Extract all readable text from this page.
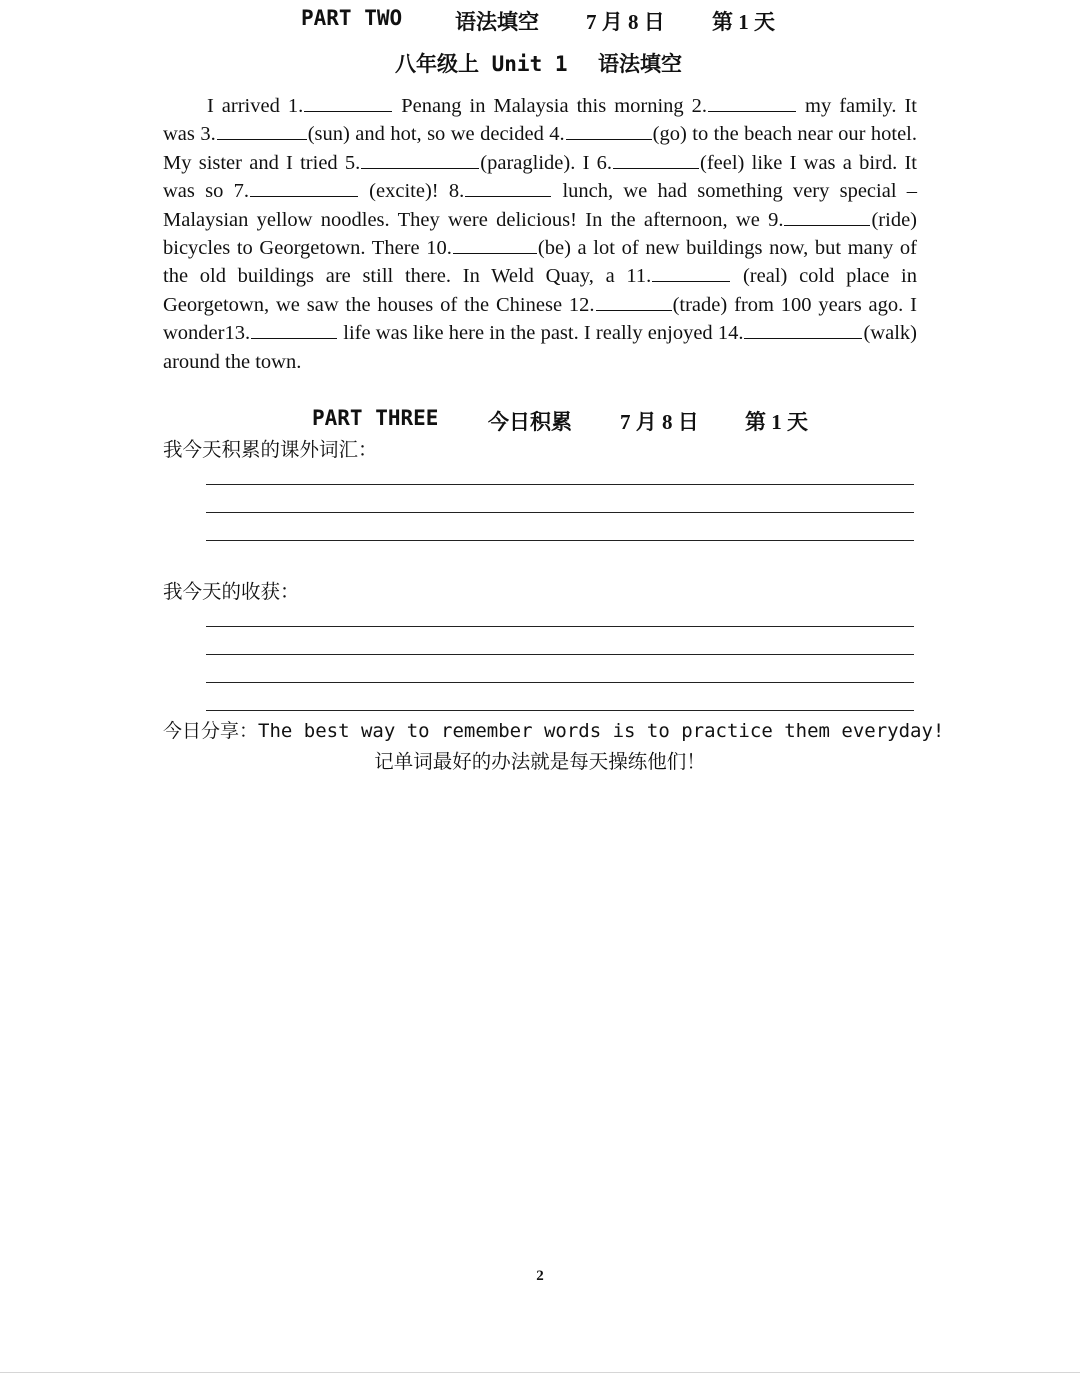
PART TWO	语法填空 7 月 8 日 第 1 天
八年级上 Unit 1 语法填空
I arrived 1.	Penang in Malaysia this morning 2.	my family. It was 3.	(sun) and hot, so we decided 4.	(go) to the beach near our hotel. My sister and I tried 5.	(paraglide). I 6.	(feel) like I was a bird. It was so 7.	(excite)! 8.	lunch, we had something very special – Malaysian yellow noodles. They were delicious! In the afternoon, we 9.	(ride) bicycles to Georgetown. There 10.	(be) a lot of new buildings now, but many of the old buildings are still there. In Weld Quay, a 11.	(real) cold place in Georgetown, we saw the houses of the Chinese 12.	(trade) from 100 years ago. I wonder13.	life was like here in the past. I really enjoyed 14.	(walk) around the town.
PART THREE 今日积累 7 月 8 日 第 1 天
我今天积累的课外词汇：
我今天的收获：
今日分享：The best way to remember words is to practice them everyday!
记单词最好的办法就是每天操练他们！
2
